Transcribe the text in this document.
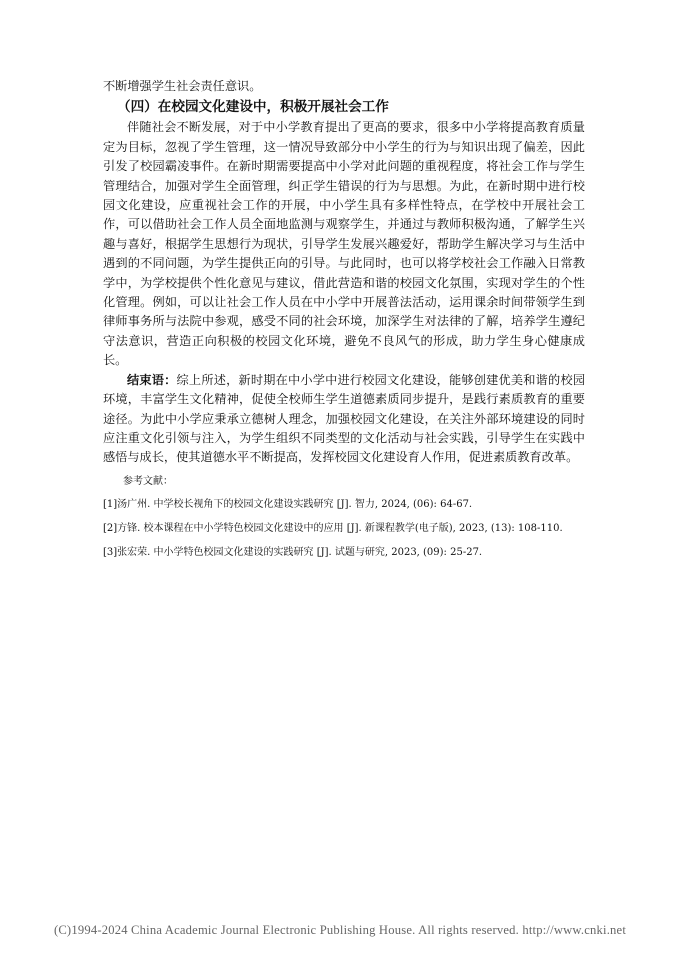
不断增强学生社会责任意识。

（四）在校园文化建设中，积极开展社会工作

伴随社会不断发展，对于中小学教育提出了更高的要求，很多中小学将提高教育质量定为目标，忽视了学生管理，这一情况导致部分中小学生的行为与知识出现了偏差，因此引发了校园霸凌事件。在新时期需要提高中小学对此问题的重视程度，将社会工作与学生管理结合，加强对学生全面管理，纠正学生错误的行为与思想。为此，在新时期中进行校园文化建设，应重视社会工作的开展，中小学生具有多样性特点，在学校中开展社会工作，可以借助社会工作人员全面地监测与观察学生，并通过与教师积极沟通，了解学生兴趣与喜好，根据学生思想行为现状，引导学生发展兴趣爱好，帮助学生解决学习与生活中遇到的不同问题，为学生提供正向的引导。与此同时，也可以将学校社会工作融入日常教学中，为学校提供个性化意见与建议，借此营造和谐的校园文化氛围，实现对学生的个性化管理。例如，可以让社会工作人员在中小学中开展普法活动，运用课余时间带领学生到律师事务所与法院中参观，感受不同的社会环境，加深学生对法律的了解，培养学生遵纪守法意识，营造正向积极的校园文化环境，避免不良风气的形成，助力学生身心健康成长。

结束语：综上所述，新时期在中小学中进行校园文化建设，能够创建优美和谐的校园环境，丰富学生文化精神，促使全校师生学生道德素质同步提升，是践行素质教育的重要途径。为此中小学应秉承立德树人理念，加强校园文化建设，在关注外部环境建设的同时应注重文化引领与注入，为学生组织不同类型的文化活动与社会实践，引导学生在实践中感悟与成长，使其道德水平不断提高，发挥校园文化建设育人作用，促进素质教育改革。

参考文献：

[1]汤广州. 中学校长视角下的校园文化建设实践研究 [J]. 智力, 2024, (06): 64-67.

[2]方锋. 校本课程在中小学特色校园文化建设中的应用 [J]. 新课程教学(电子版), 2023, (13): 108-110.

[3]张宏荣. 中小学特色校园文化建设的实践研究 [J]. 试题与研究, 2023, (09): 25-27.

(C)1994-2024 China Academic Journal Electronic Publishing House. All rights reserved. http://www.cnki.net
